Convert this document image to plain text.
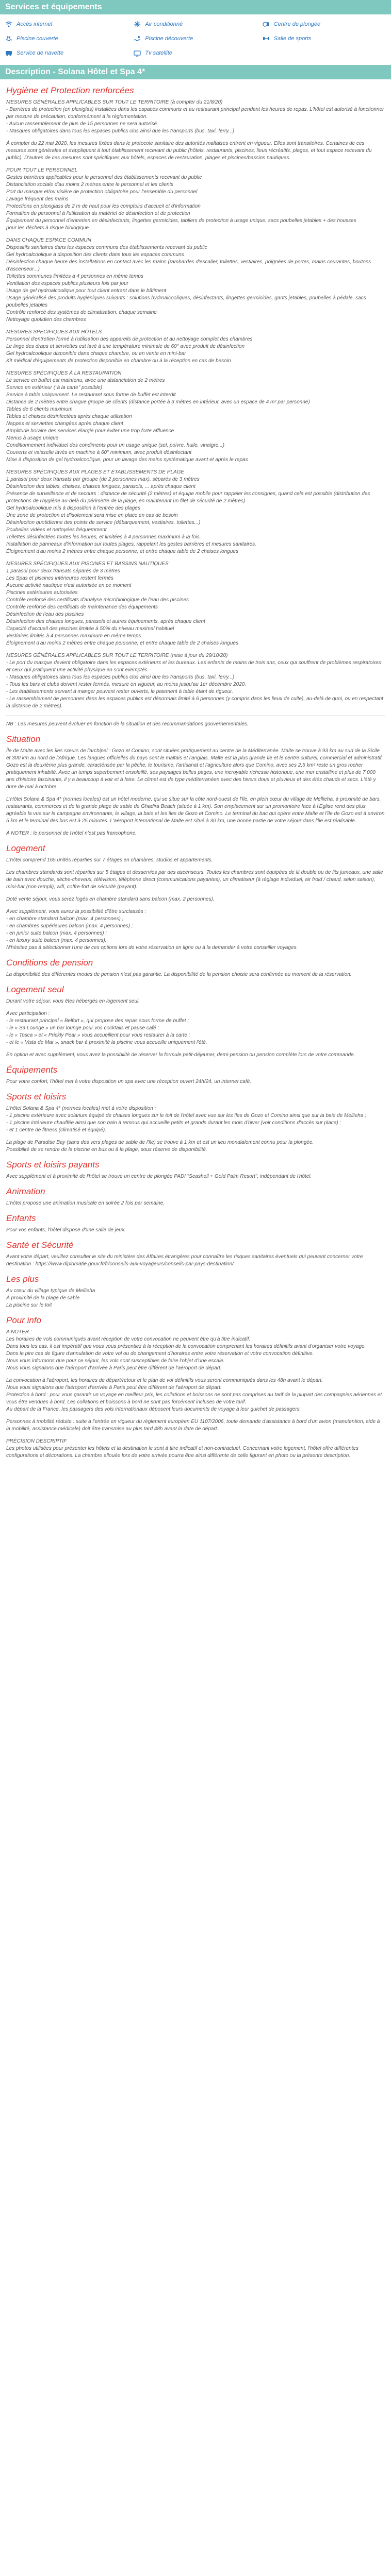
Services et équipements
Accès internet	Air conditionné	Centre de plongée
Piscine couverte	Piscine découverte	Salle de sports
Service de navette	Tv satellite
Description - Solana Hôtel et Spa 4*
Hygiène et Protection renforcées

MESURES GÉNÉRALES APPLICABLES SUR TOUT LE TERRITOIRE (à compter du 21/8/20)
- Barrières de protection (en plexiglas) installées dans les espaces communs et au restaurant principal pendant les heures de repas. L'hôtel est autorisé à fonctionner par mesure de précaution, conformément à la réglementation.
- Aucun rassemblement de plus de 15 personnes ne sera autorisé.
- Masques obligatoires dans tous les espaces publics clos ainsi que les transports (bus, taxi, ferry...)

À compter du 22 mai 2020, les mesures fixées dans le protocole sanitaire des autorités maltaises entrent en vigueur. Elles sont transitoires. Certaines de ces mesures sont générales et s'appliquent à tout établissement recevant du public (hôtels, restaurants, piscines, lieux récréatifs, plages, et tout espace recevant du public). D'autres de ces mesures sont spécifiques aux hôtels, espaces de restauration, plages et piscines/bassins nautiques.

POUR TOUT LE PERSONNEL
Gestes barrières applicables pour le personnel des établissements recevant du public
Distanciation sociale d'au moins 2 mètres entre le personnel et les clients
Port du masque et/ou visière de protection obligatoire pour l'ensemble du personnel
Lavage fréquent des mains
Protections en plexiglass de 2 m de haut pour les comptoirs d'accueil et d'information
Formation du personnel à l'utilisation du matériel de désinfection et de protection
Équipement du personnel d'entretien en désinfectants, lingettes germicides, tabliers de protection à usage unique, sacs poubelles jetables + des housses
pour les déchets à risque biologique

DANS CHAQUE ESPACE COMMUN
Dispositifs sanitaires dans les espaces communs des établissements recevant du public
Gel hydroalcoolique à disposition des clients dans tous les espaces communs
Désinfection chaque heure des installations en contact avec les mains (rambardes d'escalier, toilettes, vestiaires, poignées de portes, mains courantes, boutons d'ascenseur...)
Toilettes communes limitées à 4 personnes en même temps
Ventilation des espaces publics plusieurs fois par jour
Usage de gel hydroalcoolique pour tout client entrant dans le bâtiment
Usage généralisé des produits hygiéniques suivants : solutions hydroalcooliques, désinfectants, lingettes germicides, gants jetables, poubelles à pédale, sacs poubelles jetables
Contrôle renforcé des systèmes de climatisation, chaque semaine
Nettoyage quotidien des chambres

MESURES SPÉCIFIQUES AUX HÔTELS
Personnel d'entretien formé à l'utilisation des appareils de protection et au nettoyage complet des chambres
Le linge des draps et serviettes est lavé à une température minimale de 60° avec produit de désinfection
Gel hydroalcoolique disponible dans chaque chambre, ou en vente en mini-bar
Kit médical d'équipements de protection disponible en chambre ou à la réception en cas de besoin

MESURES SPÉCIFIQUES À LA RESTAURATION
Le service en buffet est maintenu, avec une distanciation de 2 mètres
Service en extérieur ("à la carte" possible)
Service à table uniquement. Le restaurant sous forme de buffet est interdit
Distance de 2 mètres entre chaque groupe de clients (distance portée à 3 mètres en intérieur, avec un espace de 4 m² par personne)
Tables de 6 clients maximum
Tables et chaises désinfectées après chaque utilisation
Nappes et serviettes changées après chaque client
Amplitude horaire des services élargie pour éviter une trop forte affluence
Menus à usage unique
Conditionnement individuel des condiments pour un usage unique (sel, poivre, huile, vinaigre...)
Couverts et vaisselle lavés en machine à 60° minimum, avec produit désinfectant
Mise à disposition de gel hydroalcoolique, pour un lavage des mains systématique avant et après le repas

MESURES SPÉCIFIQUES AUX PLAGES ET ÉTABLISSEMENTS DE PLAGE
1 parasol pour deux transats par groupe (de 2 personnes max), séparés de 3 mètres
Désinfection des tables, chaises, chaises longues, parasols, ... après chaque client
Présence de surveillance et de secours : distance de sécurité (2 mètres) et équipe mobile pour rappeler les consignes, quand cela est possible (distribution des protections de l'hygiène au-delà du périmètre de la plage, en maintenant un filet de sécurité de 2 mètres)
Gel hydroalcoolique mis à disposition à l'entrée des plages
Une zone de protection et d'isolement sera mise en place en cas de besoin
Désinfection quotidienne des points de service (débarquement, vestiaires, toilettes...)
Poubelles vidées et nettoyées fréquemment
Toilettes désinfectées toutes les heures, et limitées à 4 personnes maximum à la fois.
Installation de panneaux d'information sur toutes plages, rappelant les gestes barrières et mesures sanitaires.
Éloignement d'au moins 2 mètres entre chaque personne, et entre chaque table de 2 chaises longues

MESURES SPÉCIFIQUES AUX PISCINES ET BASSINS NAUTIQUES
1 parasol pour deux transats séparés de 3 mètres
Les Spas et piscines intérieures restent fermés
Aucune activité nautique n'est autorisée en ce moment
Piscines extérieures autorisées
Contrôle renforcé des certificats d'analyse microbiologique de l'eau des piscines
Contrôle renforcé des certificats de maintenance des équipements
Désinfection de l'eau des piscines
Désinfection des chaises longues, parasols et autres équipements, après chaque client
Capacité d'accueil des piscines limitée à 50% du niveau maximal habituel
Vestiaires limités à 4 personnes maximum en même temps
Éloignement d'au moins 2 mètres entre chaque personne, et entre chaque table de 2 chaises longues

MESURES GÉNÉRALES APPLICABLES SUR TOUT LE TERRITOIRE (mise à jour du 29/10/20)
- Le port du masque devient obligatoire dans les espaces extérieurs et les bureaux. Les enfants de moins de trois ans, ceux qui souffrent de problèmes respiratoires et ceux qui pratiquent une activité physique en sont exemptés.
- Masques obligatoires dans tous les espaces publics clos ainsi que les transports (bus, taxi, ferry...)
- Tous les bars et clubs doivent rester fermés, mesure en vigueur, au moins jusqu'au 1er décembre 2020.
- Les établissements servant à manger peuvent rester ouverts, le paiement à table étant de rigueur.
- Le rassemblement de personnes dans les espaces publics est désormais limité à 6 personnes (y compris dans les lieux de culte), au-delà de quoi, ou en respectant la distance de 2 mètres).

NB : Les mesures peuvent évoluer en fonction de la situation et des recommandations gouvernementales.

Situation

Île de Malte avec les îles sœurs de l'archipel : Gozo et Comino, sont situées pratiquement au centre de la Méditerranée. Malte se trouve à 93 km au sud de la Sicile et 300 km au nord de l'Afrique. Les langues officielles du pays sont le maltais et l'anglais. Malte est la plus grande île et le centre culturel, commercial et administratif. Gozo est la deuxième plus grande, caractérisée par la pêche, le tourisme, l'artisanat et l'agriculture alors que Comino, avec ses 2,5 km² reste un gros rocher pratiquement inhabité. Avec un temps superbement ensoleillé, ses paysages belles pages, une incroyable richesse historique, une mer cristalline et plus de 7 000 ans d'histoire fascinante, il y a beaucoup à voir et à faire. Le climat est de type méditerranéen avec des hivers doux et pluvieux et des étés chauds et secs. L'été y dure de mai à octobre.

L'Hôtel Solana & Spa 4* (normes locales) est un hôtel moderne, qui se situe sur la côte nord-ouest de l'île, en plein cœur du village de Mellieha, à proximité de bars, restaurants, commerces et de la grande plage de sable de Ghadira Beach (située à 1 km). Son emplacement sur un promontoire face à l'Eglise rend des plus agréable la vue sur la campagne environnante, le village, la baie et les îles de Gozo et Comino. Le terminal du bac qui opère entre Malte et l'île de Gozo est à environ 5 km et le terminal des bus est à 25 minutes. L'aéroport international de Malte est situé à 30 km, une bonne partie de votre séjour dans l'île est réalisable.

A NOTER : le personnel de l'hôtel n'est pas francophone.

Logement

L'hôtel comprend 165 unités réparties sur 7 étages en chambres, studios et appartements.

Les chambres standards sont réparties sur 5 étages et desservies par des ascenseurs. Toutes les chambres sont équipées de lit double ou de lits jumeaux, une salle de bain avec douche, sèche-cheveux, télévision, téléphone direct (communications payantes), un climatiseur (à réglage individuel, air froid / chaud, selon saison), mini-bar (non rempli), wifi, coffre-fort de sécurité (payant).

Doté vente séjour, vous serez logés en chambre standard sans balcon (max. 2 personnes).

Avec supplément, vous aurez la possibilité d'être surclassés :
- en chambre standard balcon (max. 4 personnes) ;
- en chambres supérieures balcon (max. 4 personnes) ;
- en junior suite balcon (max. 4 personnes) ;
- en luxury suite balcon (max. 4 personnes).
N'hésitez pas à sélectionner l'une de ces options lors de votre réservation en ligne ou à la demander à votre conseiller voyages.

Conditions de pension

La disponibilité des différentes modes de pension n'est pas garantie. La disponibilité de la pension choisie sera confirmée au moment de la réservation.

Logement seul

Durant votre séjour, vous êtes hébergés en logement seul.

Avec participation :
- le restaurant principal « Belfort », qui propose des repas sous forme de buffet ;
- le « Sa Lounge » un bar lounge pour vos cocktails et pause café ;
- le « Tosca » et « Prickly Pear » vous accueillent pour vous restaurer à la carte ;
- et le « Vista de Mar », snack bar à proximité la piscine vous accueille uniquement l'été.

En option et avec supplément, vous avez la possibilité de réserver la formule petit-déjeuner, demi-pension ou pension complète lors de votre commande.

Équipements

Pour votre confort, l'hôtel met à votre disposition un spa avec une réception ouvert 24h/24, un internet café.

Sports et loisirs

L'hôtel Solana & Spa 4* (normes locales) met à votre disposition :
- 1 piscine extérieure avec solarium équipé de chaises longues sur le toit de l'hôtel avec vue sur les îles de Gozo et Comino ainsi que sur la baie de Mellieha ;
- 1 piscine intérieure chauffée ainsi que son bain à remous qui accueille petits et grands durant les mois d'hiver (voir conditions d'accès sur place) ;
- et 1 centre de fitness (climatisé et équipé).

La plage de Paradise Bay (sans des vers plages de sable de l'île) se trouve à 1 km et est un lieu mondialement connu pour la plongée.
Possibilité de se rendre de la piscine en bus ou à la plage, sous réserve de disponibilité.

Sports et loisirs payants

Avec supplément et à proximité de l'hôtel se trouve un centre de plongée PADI "Seashell + Gold Palm Resort", indépendant de l'hôtel.

Animation

L'hôtel propose une animation musicale en soirée 2 fois par semaine.

Enfants

Pour vos enfants, l'hôtel dispose d'une salle de jeux.

Santé et Sécurité

Avant votre départ, veuillez consulter le site du ministère des Affaires étrangères pour connaître les risques sanitaires éventuels qui peuvent concerner votre destination : https://www.diplomatie.gouv.fr/fr/conseils-aux-voyageurs/conseils-par-pays-destination/

Les plus

Au cœur du village typique de Mellieha
À proximité de la plage de sable
La piscine sur le toit

Pour info

A NOTER :
Les horaires de vols communiqués avant réception de votre convocation ne peuvent être qu'à titre indicatif.
Dans tous les cas, il est impératif que vous vous présentiez à la réception de la convocation comprenant les horaires définitifs avant d'organiser votre voyage.
Dans le pire cas de figure d'annulation de votre vol ou de changement d'horaires entre votre réservation et votre convocation définitive.
Nous vous informons que pour ce séjour, les vols sont susceptibles de faire l'objet d'une escale.
Nous vous signalons que l'aéroport d'arrivée à Paris peut être différent de l'aéroport de départ.

La convocation à l'aéroport, les horaires de départ/retour et le plan de vol définitifs vous seront communiqués dans les 48h avant le départ.
Nous vous signalons que l'aéroport d'arrivée à Paris peut être différent de l'aéroport de départ.
Protection à bord : pour vous garantir un voyage en meilleur prix, les collations et boissons ne sont pas comprises au tarif de la plupart des compagnies aériennes et vous être vendues à bord. Les collations et boissons à bord ne sont pas forcément incluses de votre tarif.
Au départ de la France, les passagers des vols internationaux déposent leurs documents de voyage à leur guichet de passagers.

Personnes à mobilité réduite : suite à l'entrée en vigueur du règlement européen EU 1107/2006, toute demande d'assistance à bord d'un avion (manutention, aide à la mobilité, assistance médicale) doit être transmise au plus tard 48h avant la date de départ.

PRÉCISION DESCRIPTIF
Les photos utilisées pour présenter les hôtels et la destination le sont à titre indicatif et non-contractuel. Concernant votre logement, l'hôtel offre différentes configurations et décorations. La chambre allouée lors de votre arrivée pourra être ainsi différente de celle figurant en photo ou la présente description.
